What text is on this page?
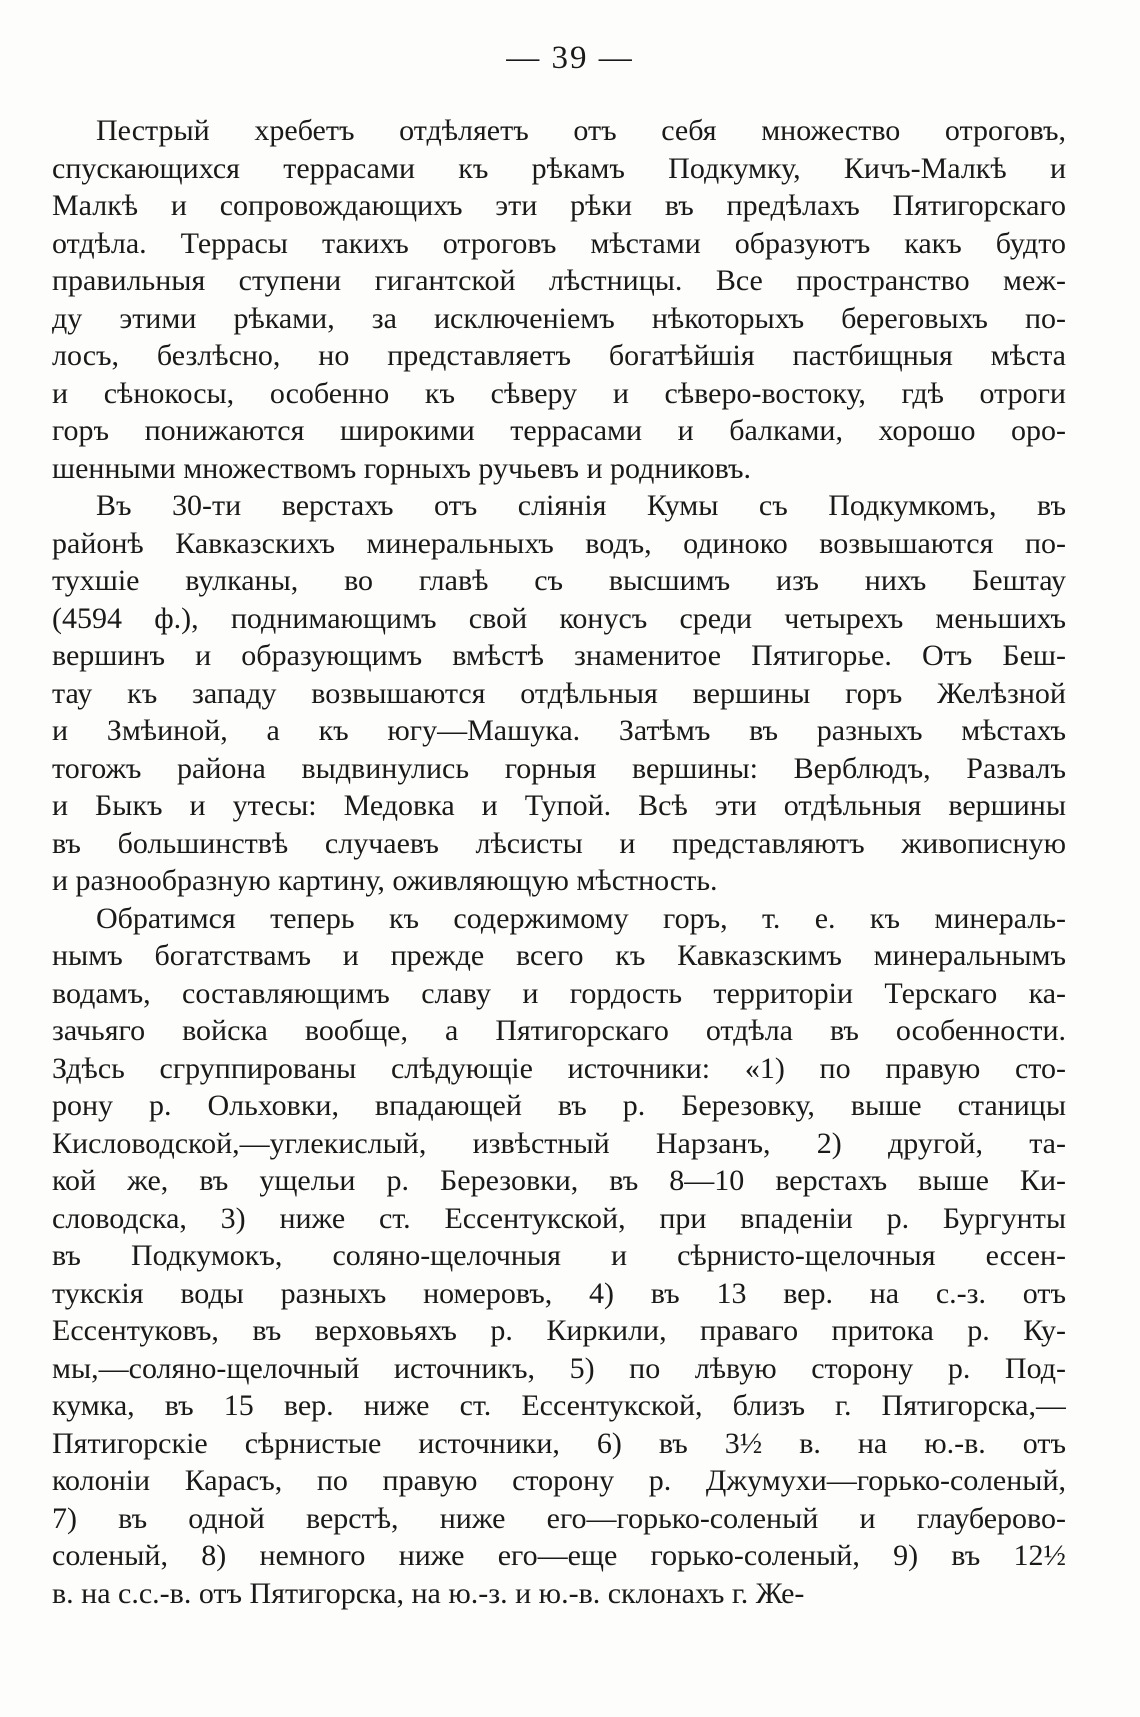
— 39 —
Пестрый хребетъ отдѣляетъ отъ себя множество отроговъ,
спускающихся террасами къ рѣкамъ Подкумку, Кичъ-Малкѣ и
Малкѣ и сопровождающихъ эти рѣки въ предѣлахъ Пятигорскаго
отдѣла. Террасы такихъ отроговъ мѣстами образуютъ какъ будто
правильныя ступени гигантской лѣстницы. Все пространство меж-
ду этими рѣками, за исключеніемъ нѣкоторыхъ береговыхъ по-
лосъ, безлѣсно, но представляетъ богатѣйшія пастбищныя мѣста
и сѣнокосы, особенно къ сѣверу и сѣверо-востоку, гдѣ отроги
горъ понижаются широкими террасами и балками, хорошо оро-
шенными множествомъ горныхъ ручьевъ и родниковъ.
Въ 30-ти верстахъ отъ слiянія Кумы съ Подкумкомъ, въ
районѣ Кавказскихъ минеральныхъ водъ, одиноко возвышаются по-
тухшіе вулканы, во главѣ съ высшимъ изъ нихъ Бештау
(4594 ф.), поднимающимъ свой конусъ среди четырехъ меньшихъ
вершинъ и образующимъ вмѣстѣ знаменитое Пятигорье. Отъ Беш-
тау къ западу возвышаются отдѣльныя вершины горъ Желѣзной
и Змѣиной, а къ югу—Машука. Затѣмъ въ разныхъ мѣстахъ
тогожъ района выдвинулись горныя вершины: Верблюдъ, Развалъ
и Быкъ и утесы: Медовка и Тупой. Всѣ эти отдѣльныя вершины
въ большинствѣ случаевъ лѣсисты и представляютъ живописную
и разнообразную картину, оживляющую мѣстность.
Обратимся теперь къ содержимому горъ, т. е. къ минераль-
нымъ богатствамъ и прежде всего къ Кавказскимъ минеральнымъ
водамъ, составляющимъ славу и гордость территоріи Терскаго ка-
зачьяго войска вообще, а Пятигорскаго отдѣла въ особенности.
Здѣсь сгруппированы слѣдующіе источники: «1) по правую сто-
рону р. Ольховки, впадающей въ р. Березовку, выше станицы
Кисловодской,—углекислый, извѣстный Нарзанъ, 2) другой, та-
кой же, въ ущельи р. Березовки, въ 8—10 верстахъ выше Ки-
словодска, 3) ниже ст. Ессентукской, при впаденіи р. Бургунты
въ Подкумокъ, соляно-щелочныя и сѣрнисто-щелочныя ессен-
тукскія воды разныхъ номеровъ, 4) въ 13 вер. на с.-з. отъ
Ессентуковъ, въ верховьяхъ р. Киркили, праваго притока р. Ку-
мы,—соляно-щелочный источникъ, 5) по лѣвую сторону р. Под-
кумка, въ 15 вер. ниже ст. Ессентукской, близъ г. Пятигорска,—
Пятигорскіе сѣрнистые источники, 6) въ 3½ в. на ю.-в. отъ
колоніи Карасъ, по правую сторону р. Джумухи—горько-соленый,
7) въ одной верстѣ, ниже его—горько-соленый и глауберово-
соленый, 8) немного ниже его—еще горько-соленый, 9) въ 12½
в. на с.с.-в. отъ Пятигорска, на ю.-з. и ю.-в. склонахъ г. Же-
